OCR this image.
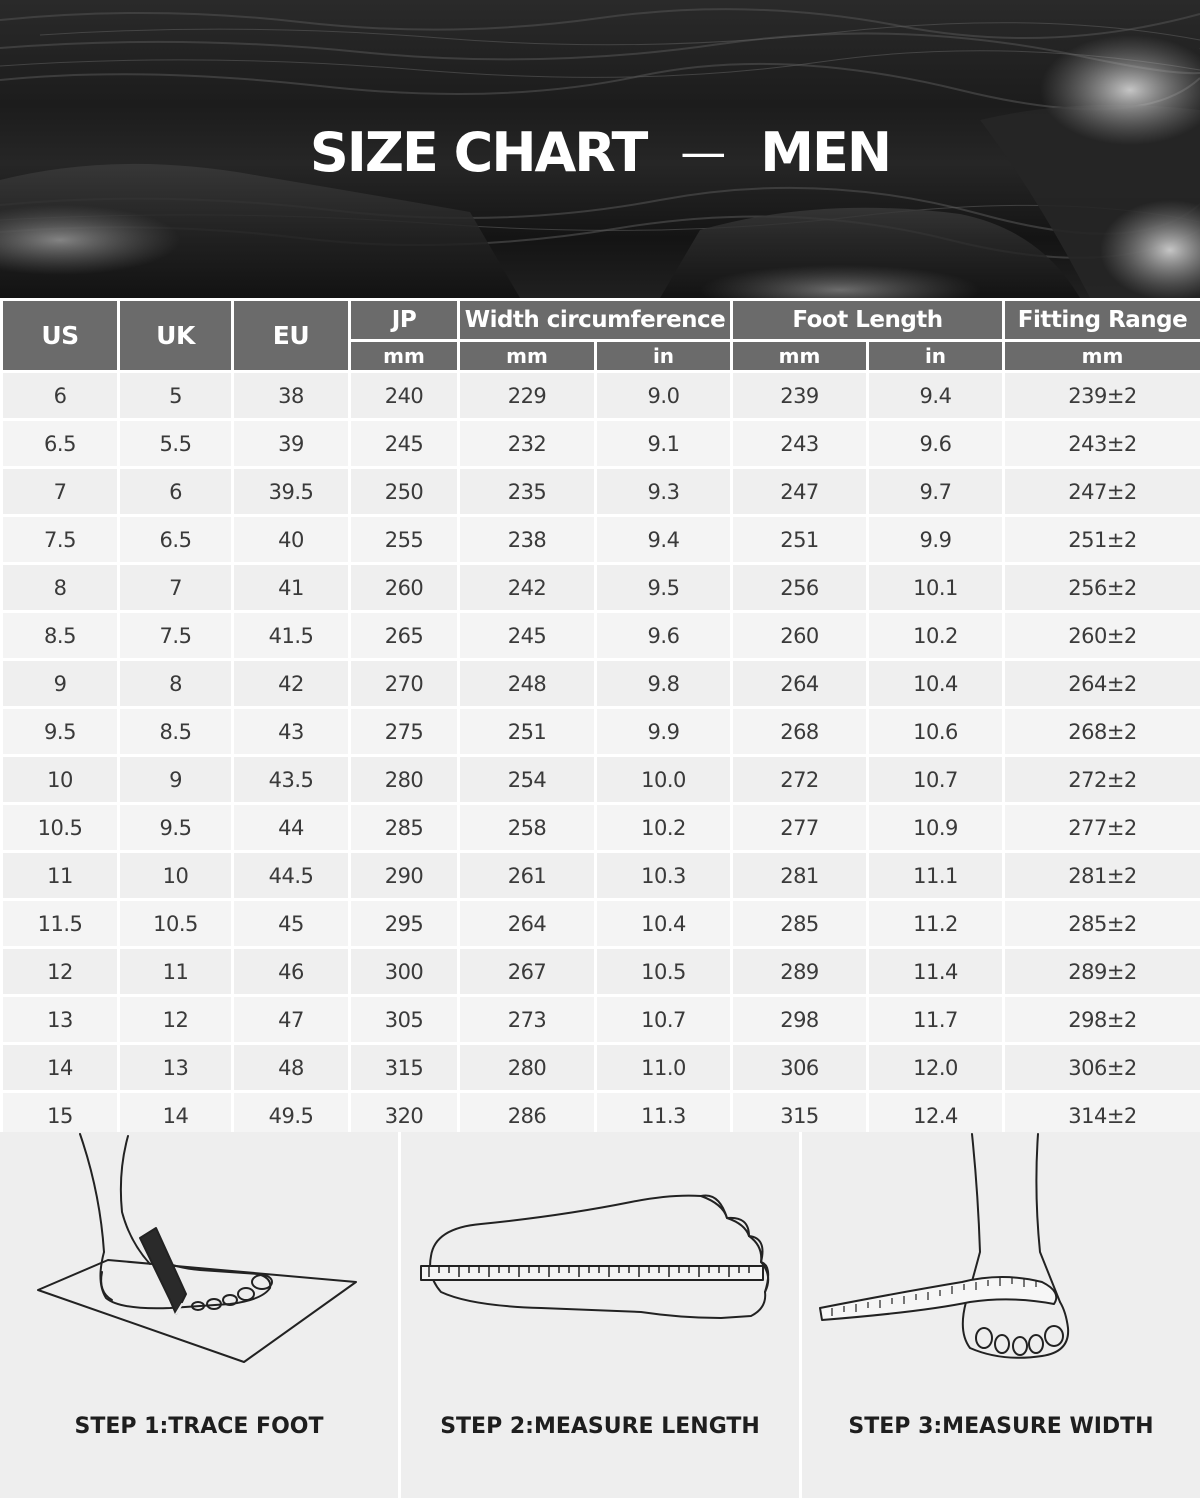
SIZE CHART — MEN
US	UK	EU	JP	Width circumference		Foot Length		Fitting Range
			mm	mm	in	mm	in	mm
6	5	38	240	229	9.0	239	9.4	239±2
6.5	5.5	39	245	232	9.1	243	9.6	243±2
7	6	39.5	250	235	9.3	247	9.7	247±2
7.5	6.5	40	255	238	9.4	251	9.9	251±2
8	7	41	260	242	9.5	256	10.1	256±2
8.5	7.5	41.5	265	245	9.6	260	10.2	260±2
9	8	42	270	248	9.8	264	10.4	264±2
9.5	8.5	43	275	251	9.9	268	10.6	268±2
10	9	43.5	280	254	10.0	272	10.7	272±2
10.5	9.5	44	285	258	10.2	277	10.9	277±2
11	10	44.5	290	261	10.3	281	11.1	281±2
11.5	10.5	45	295	264	10.4	285	11.2	285±2
12	11	46	300	267	10.5	289	11.4	289±2
13	12	47	305	273	10.7	298	11.7	298±2
14	13	48	315	280	11.0	306	12.0	306±2
15	14	49.5	320	286	11.3	315	12.4	314±2
STEP 1:TRACE FOOT	STEP 2:MEASURE LENGTH	STEP 3:MEASURE WIDTH
